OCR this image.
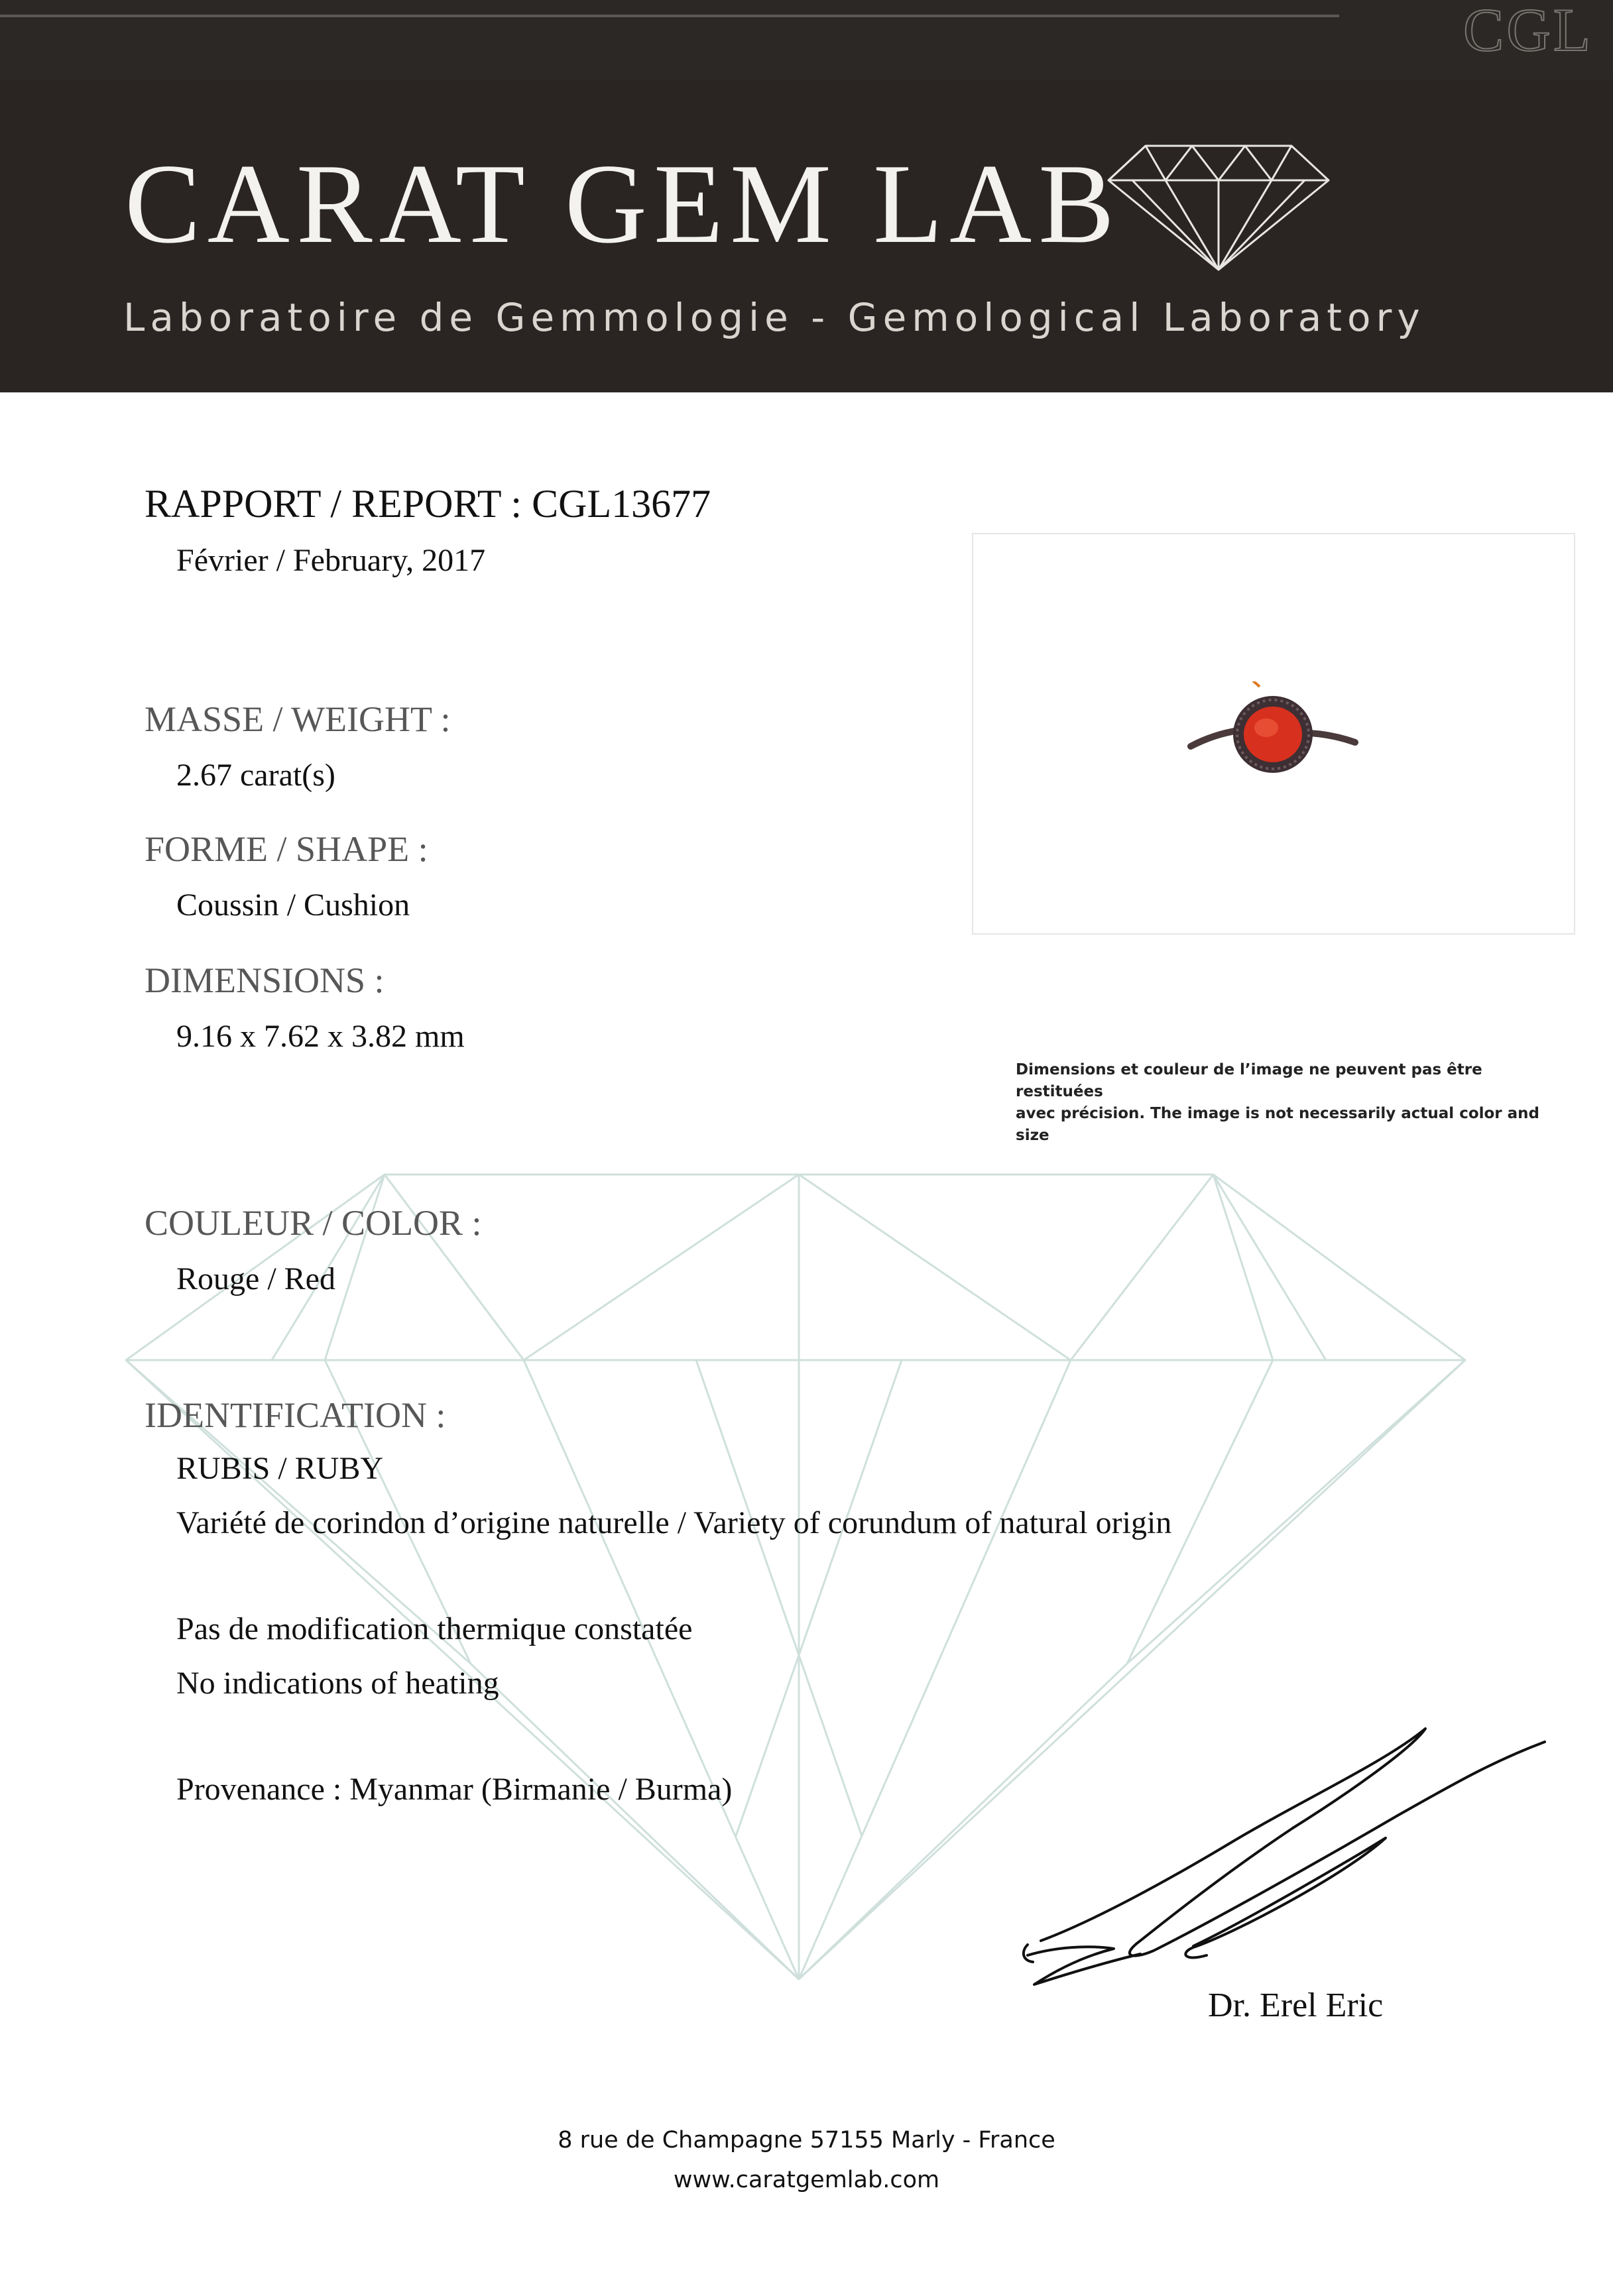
CGL
CARAT GEM LAB
Laboratoire de Gemmologie - Gemological Laboratory
RAPPORT / REPORT : CGL13677
Février / February, 2017
MASSE / WEIGHT :
2.67 carat(s)
FORME / SHAPE :
Coussin / Cushion
DIMENSIONS :
9.16 x 7.62 x 3.82 mm
COULEUR / COLOR :
Rouge / Red
IDENTIFICATION :
RUBIS / RUBY
Variété de corindon d’origine naturelle / Variety of corundum of natural origin
Pas de modification thermique constatée
No indications of heating
Provenance : Myanmar (Birmanie / Burma)
Dimensions et couleur de l’image ne peuvent pas être restituées
avec précision. The image is not necessarily actual color and size
Dr. Erel Eric
8 rue de Champagne 57155 Marly - France
www.caratgemlab.com
